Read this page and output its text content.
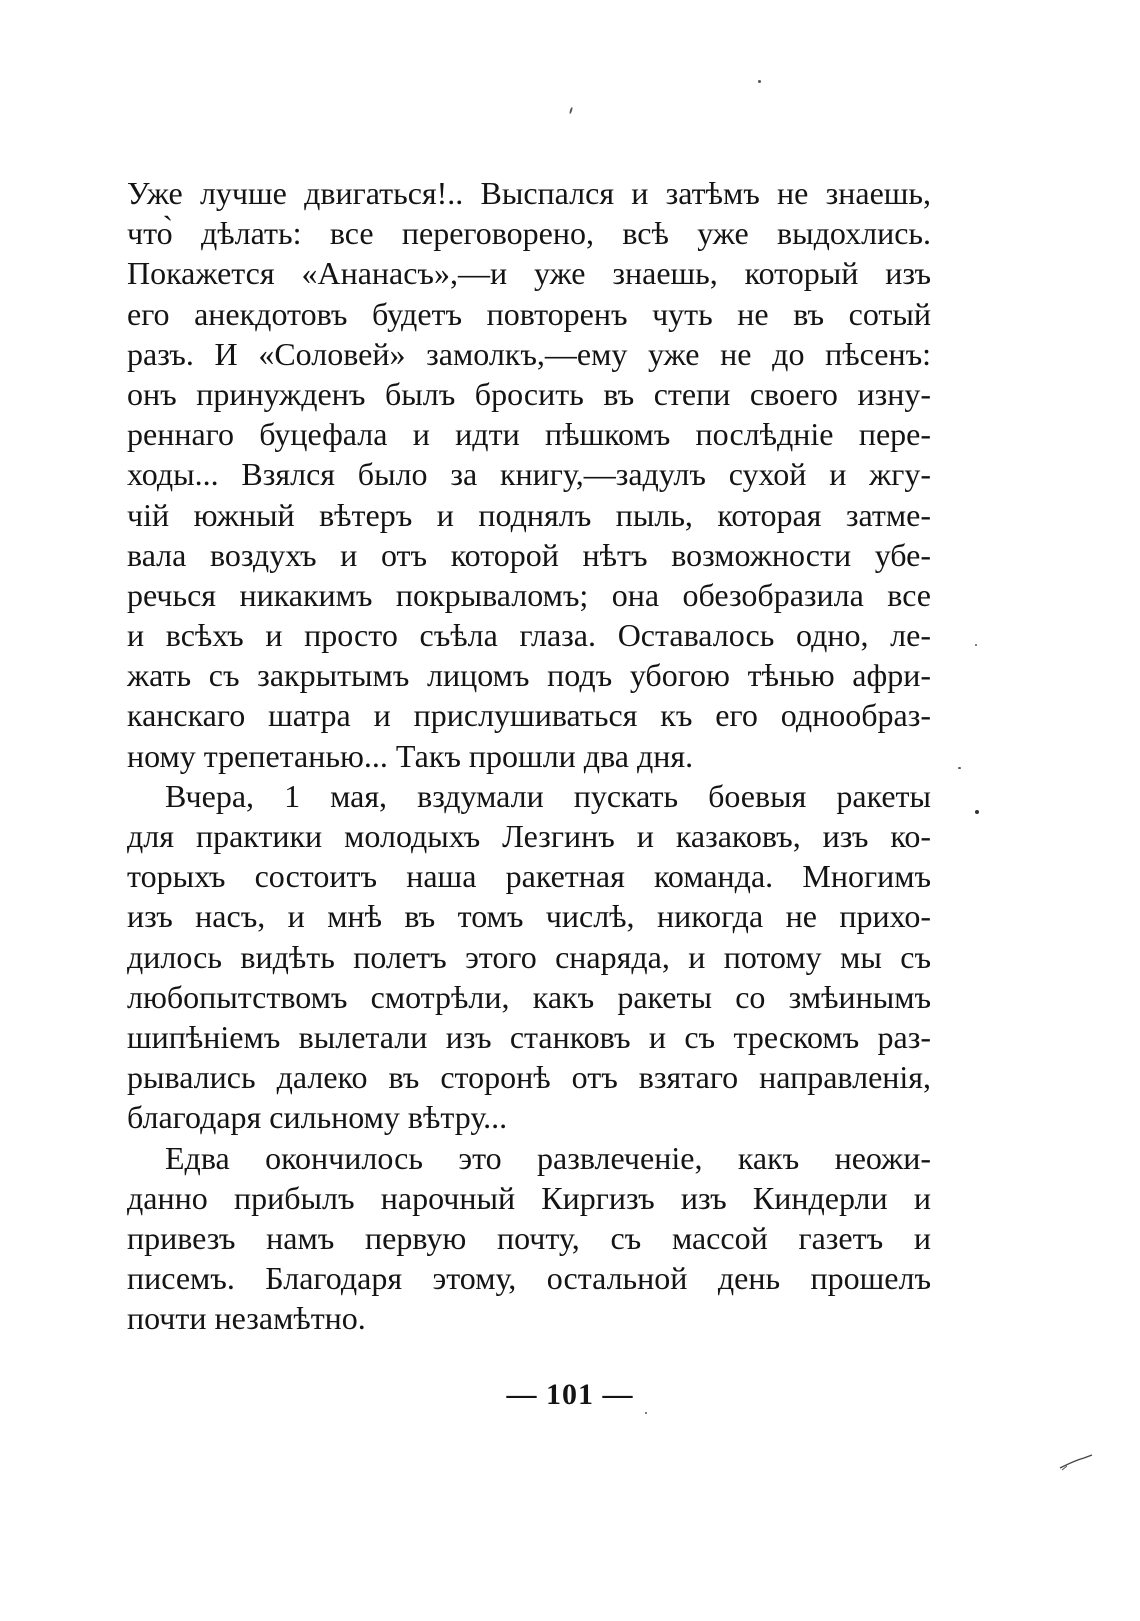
Уже лучше двигаться!.. Выспался и затѣмъ не знаешь,
что̀ дѣлать: все переговорено, всѣ уже выдохлись.
Покажется «Ананасъ»,—и уже знаешь, который изъ
его анекдотовъ будетъ повторенъ чуть не въ сотый
разъ. И «Соловей» замолкъ,—ему уже не до пѣсенъ:
онъ принужденъ былъ бросить въ степи своего изну-
реннаго буцефала и идти пѣшкомъ послѣдніе пере-
ходы... Взялся было за книгу,—задулъ сухой и жгу-
чій южный вѣтеръ и поднялъ пыль, которая затме-
вала воздухъ и отъ которой нѣтъ возможности убе-
речься никакимъ покрываломъ; она обезобразила все
и всѣхъ и просто съѣла глаза. Оставалось одно, ле-
жать съ закрытымъ лицомъ подъ убогою тѣнью афри-
канскаго шатра и прислушиваться къ его однообраз-
ному трепетанью... Такъ прошли два дня.
Вчера, 1 мая, вздумали пускать боевыя ракеты
для практики молодыхъ Лезгинъ и казаковъ, изъ ко-
торыхъ состоитъ наша ракетная команда. Многимъ
изъ насъ, и мнѣ въ томъ числѣ, никогда не прихо-
дилось видѣть полетъ этого снаряда, и потому мы съ
любопытствомъ смотрѣли, какъ ракеты со змѣинымъ
шипѣніемъ вылетали изъ станковъ и съ трескомъ раз-
рывались далеко въ сторонѣ отъ взятаго направленія,
благодаря сильному вѣтру...
Едва окончилось это развлеченіе, какъ неожи-
данно прибылъ нарочный Киргизъ изъ Киндерли и
привезъ намъ первую почту, съ массой газетъ и
писемъ. Благодаря этому, остальной день прошелъ
почти незамѣтно.
— 101 —
